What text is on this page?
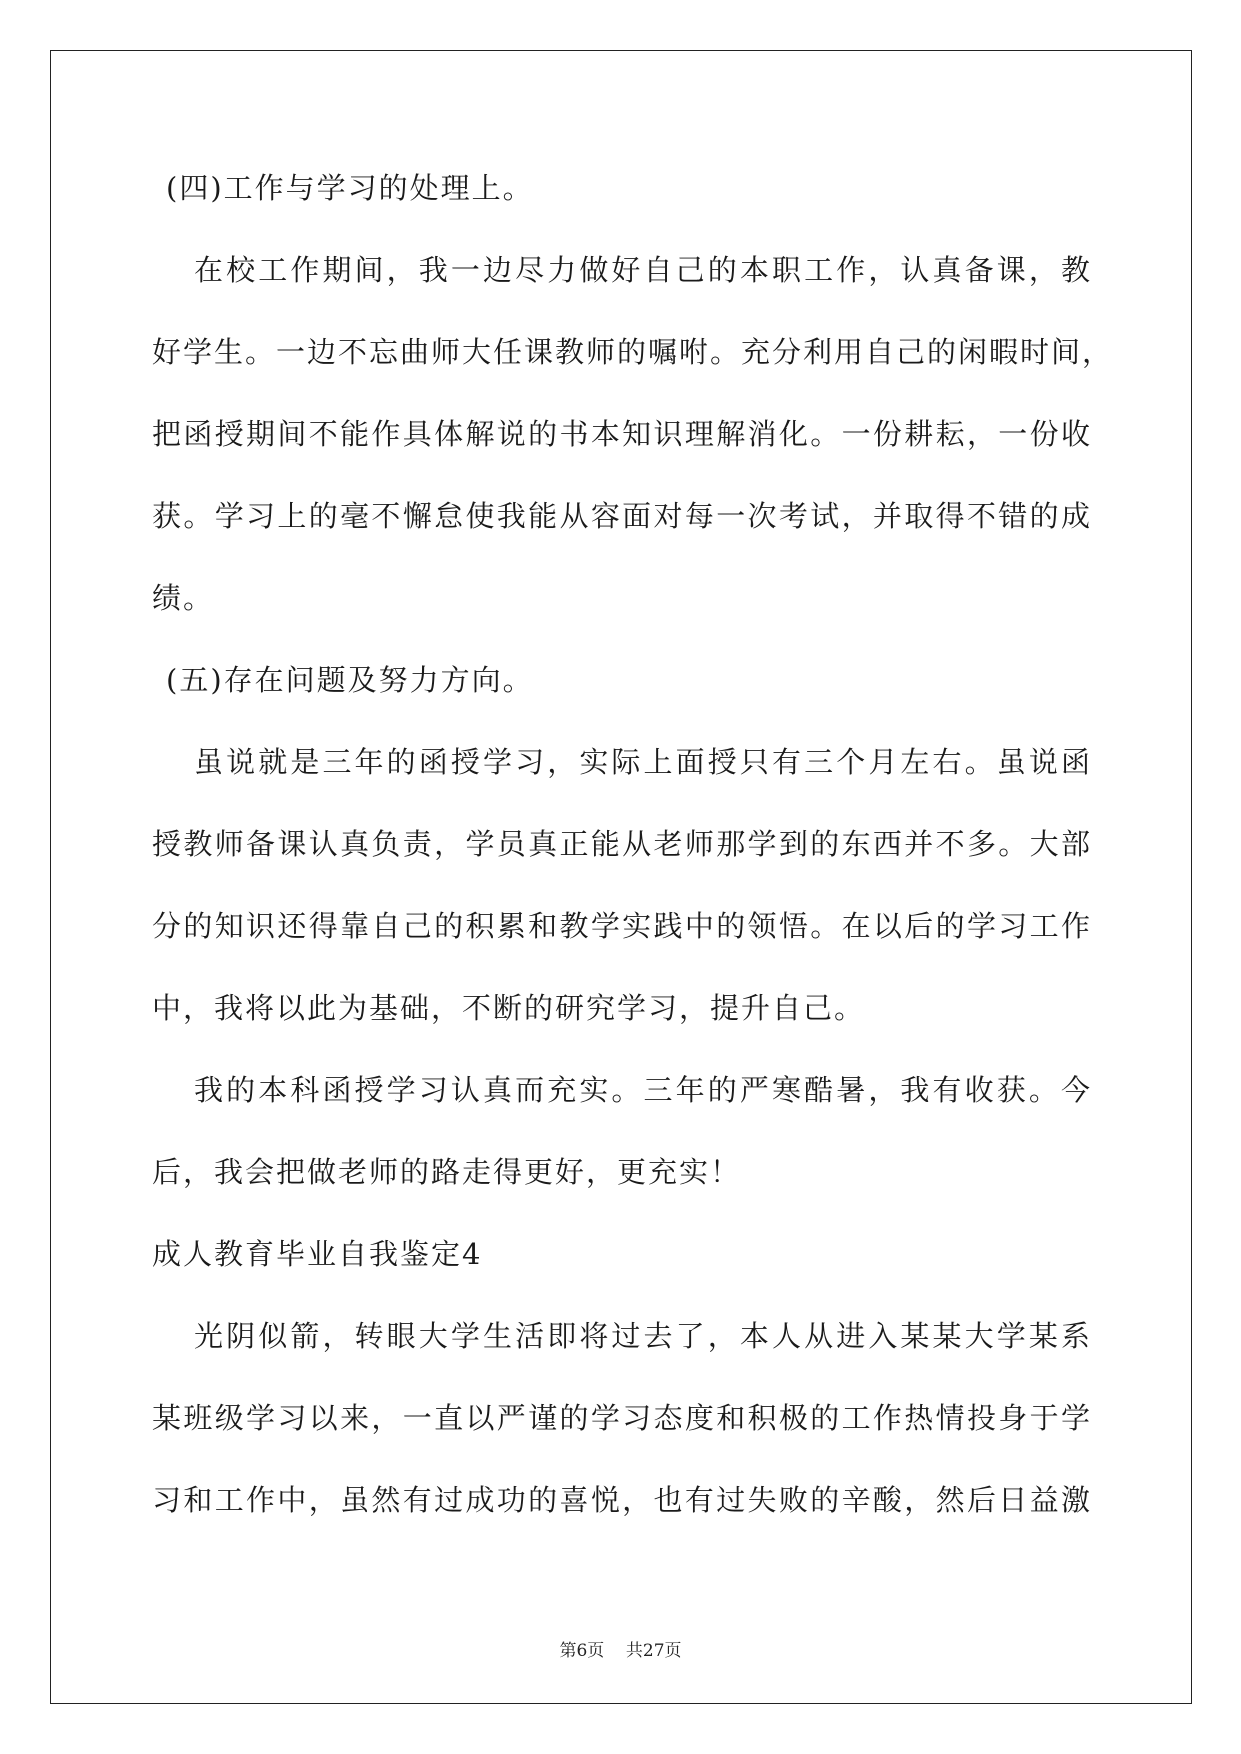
(四)工作与学习的处理上。
在校工作期间，我一边尽力做好自己的本职工作，认真备课，教
好学生。一边不忘曲师大任课教师的嘱咐。充分利用自己的闲暇时间，
把函授期间不能作具体解说的书本知识理解消化。一份耕耘，一份收
获。学习上的毫不懈怠使我能从容面对每一次考试，并取得不错的成
绩。
(五)存在问题及努力方向。
虽说就是三年的函授学习，实际上面授只有三个月左右。虽说函
授教师备课认真负责，学员真正能从老师那学到的东西并不多。大部
分的知识还得靠自己的积累和教学实践中的领悟。在以后的学习工作
中，我将以此为基础，不断的研究学习，提升自己。
我的本科函授学习认真而充实。三年的严寒酷暑，我有收获。今
后，我会把做老师的路走得更好，更充实！
成人教育毕业自我鉴定4
光阴似箭，转眼大学生活即将过去了，本人从进入某某大学某系
某班级学习以来，一直以严谨的学习态度和积极的工作热情投身于学
习和工作中，虽然有过成功的喜悦，也有过失败的辛酸，然后日益激
第6页    共27页
